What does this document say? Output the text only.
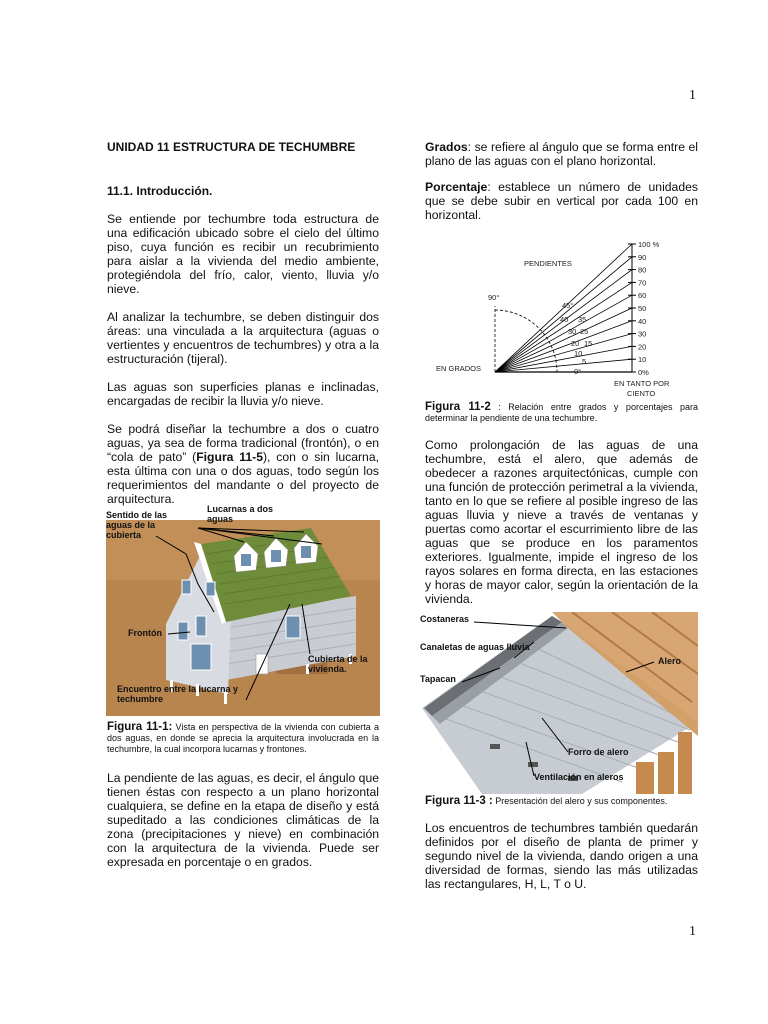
1
1
UNIDAD 11 ESTRUCTURA DE TECHUMBRE
11.1. Introducción.

Se entiende por techumbre toda estructura de una edificación ubicado sobre el cielo del último piso, cuya función es recibir un recubrimiento para aislar a la vivienda del medio ambiente, protegiéndola del frío, calor, viento, lluvia y/o nieve.

Al analizar la techumbre, se deben distinguir dos áreas: una vinculada a la arquitectura (aguas o vertientes y encuentros de techumbres) y otra a la estructuración (tijeral).

Las aguas son superficies planas e inclinadas, encargadas de recibir la lluvia y/o nieve.

Se podrá diseñar la techumbre a dos o cuatro aguas, ya sea de forma tradicional (frontón), o en “cola de pato” (Figura 11-5), con o sin lucarna, esta última con una o dos aguas, todo según los requerimientos del mandante o del proyecto de arquitectura.

Sentido de las aguas de la cubierta
Lucarnas a dos aguas
Frontón
Cubierta de la vivienda.
Encuentro entre la lucarna y techumbre

Figura 11-1: Vista en perspectiva de la vivienda con cubierta a dos aguas, en donde se aprecia la arquitectura involucrada en la techumbre, la cual incorpora lucarnas y frontones.

La pendiente de las aguas, es decir, el ángulo que tienen éstas con respecto a un plano horizontal cualquiera, se define en la etapa de diseño y está supeditado a las condiciones climáticas de la zona (precipitaciones y nieve) en combinación con la arquitectura de la vivienda. Puede ser expresada en porcentaje o en grados.

Grados: se refiere al ángulo que se forma entre el plano de las aguas con el plano horizontal.

Porcentaje: establece un número de unidades que se debe subir en vertical por cada 100 en horizontal.

PENDIENTES
100 %
90
80
70
60
50
40
30
20
10
0%
90°
45°
40 35
30 25
20 15
10
5
0°
EN GRADOS
EN TANTO POR
CIENTO

Figura 11-2 : Relación entre grados y porcentajes para determinar la pendiente de una techumbre.

Como prolongación de las aguas de una techumbre, está el alero, que además de obedecer a razones arquitectónicas, cumple con una función de protección perimetral a la vivienda, tanto en lo que se refiere al posible ingreso de las aguas lluvia y nieve a través de ventanas y puertas como acortar el escurrimiento libre de las aguas que se produce en los paramentos exteriores. Igualmente, impide el ingreso de los rayos solares en forma directa, en las estaciones y horas de mayor calor, según la orientación de la vivienda.

Costaneras
Canaletas de aguas lluvia
Alero
Tapacan
Forro de alero
Ventilación en aleros

Figura 11-3 : Presentación del alero y sus componentes.

Los encuentros de techumbres también quedarán definidos por el diseño de planta de primer y segundo nivel de la vivienda, dando origen a una diversidad de formas, siendo las más utilizadas las rectangulares, H, L, T o U.
